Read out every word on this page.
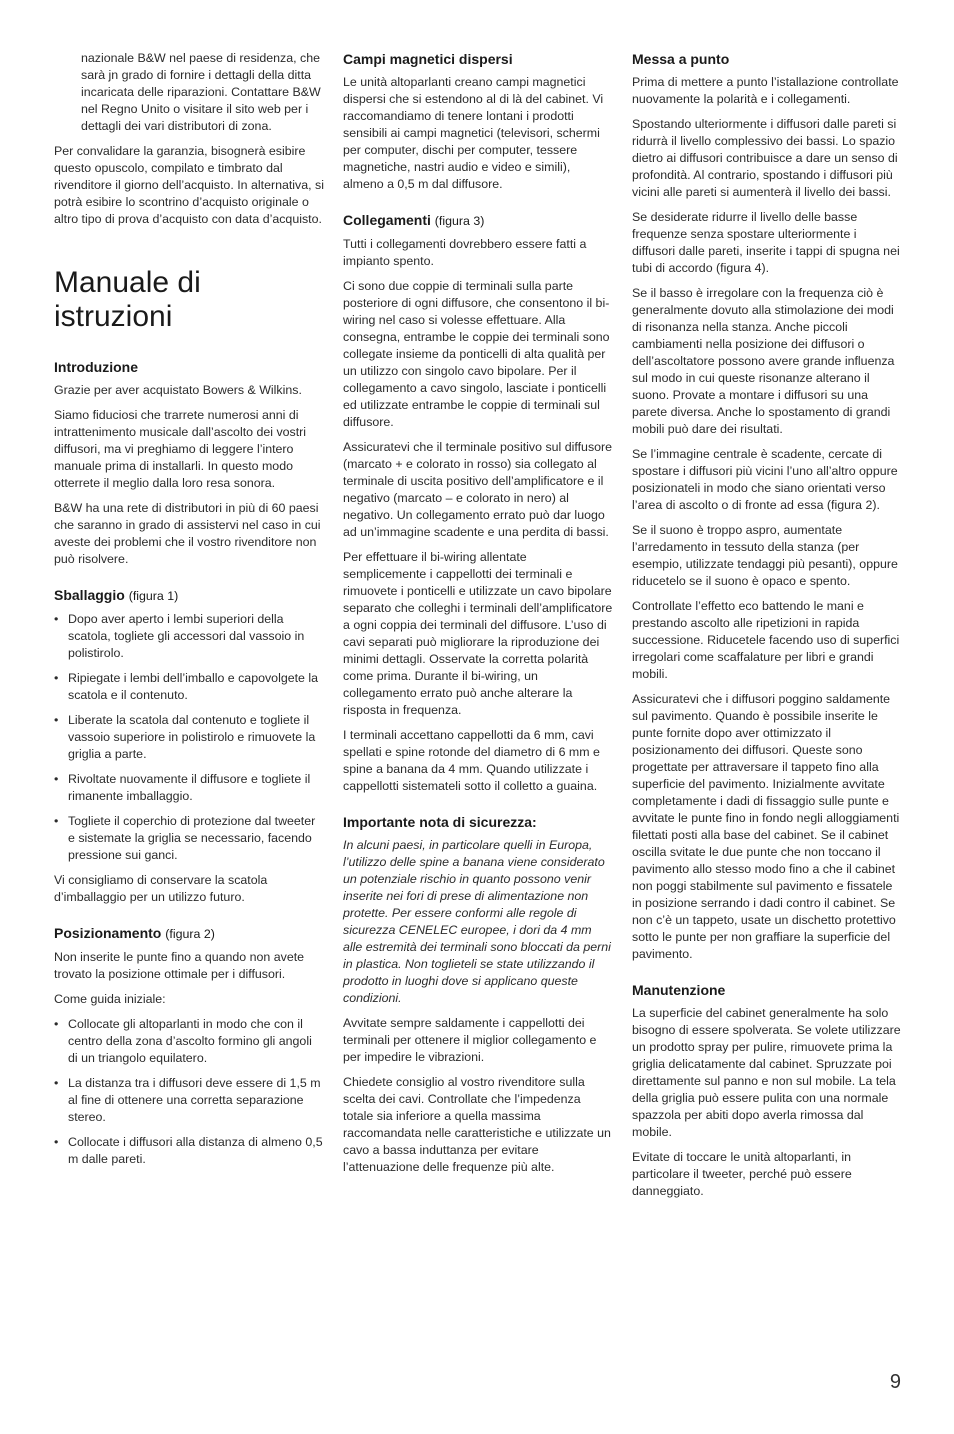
nazionale B&W nel paese di residenza, che sarà jn grado di fornire i dettagli della ditta incaricata delle riparazioni. Contattare B&W nel Regno Unito o visitare il sito web per i dettagli dei vari distributori di zona.

Per convalidare la garanzia, bisognerà esibire questo opuscolo, compilato e timbrato dal rivenditore il giorno dell’acquisto. In alternativa, si potrà esibire lo scontrino d’acquisto originale o altro tipo di prova d’acquisto con data d’acquisto.

Manuale di istruzioni
Introduzione

Grazie per aver acquistato Bowers & Wilkins.

Siamo fiduciosi che trarrete numerosi anni di intrattenimento musicale dall’ascolto dei vostri diffusori, ma vi preghiamo di leggere l’intero manuale prima di installarli. In questo modo otterrete il meglio dalla loro resa sonora.

B&W ha una rete di distributori in più di 60 paesi che saranno in grado di assistervi nel caso in cui aveste dei problemi che il vostro rivenditore non può risolvere.

Sballaggio (figura 1)
• Dopo aver aperto i lembi superiori della scatola, togliete gli accessori dal vassoio in polistirolo.
• Ripiegate i lembi dell’imballo e capovolgete la scatola e il contenuto.
• Liberate la scatola dal contenuto e togliete il vassoio superiore in polistirolo e rimuovete la griglia a parte.
• Rivoltate nuovamente il diffusore e togliete il rimanente imballaggio.
• Togliete il coperchio di protezione dal tweeter e sistemate la griglia se necessario, facendo pressione sui ganci.

Vi consigliamo di conservare la scatola d’imballaggio per un utilizzo futuro.

Posizionamento (figura 2)

Non inserite le punte fino a quando non avete trovato la posizione ottimale per i diffusori.

Come guida iniziale:

• Collocate gli altoparlanti in modo che con il centro della zona d’ascolto formino gli angoli di un triangolo equilatero.
• La distanza tra i diffusori deve essere di 1,5 m al fine di ottenere una corretta separazione stereo.
• Collocate i diffusori alla distanza di almeno 0,5 m dalle pareti.
Campi magnetici dispersi

Le unità altoparlanti creano campi magnetici dispersi che si estendono al di là del cabinet. Vi raccomandiamo di tenere lontani i prodotti sensibili ai campi magnetici (televisori, schermi per computer, dischi per computer, tessere magnetiche, nastri audio e video e simili), almeno a 0,5 m dal diffusore.

Collegamenti (figura 3)

Tutti i collegamenti dovrebbero essere fatti a impianto spento.

Ci sono due coppie di terminali sulla parte posteriore di ogni diffusore, che consentono il bi-wiring nel caso si volesse effettuare. Alla consegna, entrambe le coppie dei terminali sono collegate insieme da ponticelli di alta qualità per un utilizzo con singolo cavo bipolare. Per il collegamento a cavo singolo, lasciate i ponticelli ed utilizzate entrambe le coppie di terminali sul diffusore.

Assicuratevi che il terminale positivo sul diffusore (marcato + e colorato in rosso) sia collegato al terminale di uscita positivo dell’amplificatore e il negativo (marcato – e colorato in nero) al negativo. Un collegamento errato può dar luogo ad un’immagine scadente e una perdita di bassi.

Per effettuare il bi-wiring allentate semplicemente i cappellotti dei terminali e rimuovete i ponticelli e utilizzate un cavo bipolare separato che colleghi i terminali dell’amplificatore a ogni coppia dei terminali del diffusore. L’uso di cavi separati può migliorare la riproduzione dei minimi dettagli. Osservate la corretta polarità come prima. Durante il bi-wiring, un collegamento errato può anche alterare la risposta in frequenza.

I terminali accettano cappellotti da 6 mm, cavi spellati e spine rotonde del diametro di 6 mm e spine a banana da 4 mm. Quando utilizzate i cappellotti sistemateli sotto il colletto a guaina.

Importante nota di sicurezza:

In alcuni paesi, in particolare quelli in Europa, l’utilizzo delle spine a banana viene considerato un potenziale rischio in quanto possono venir inserite nei fori di prese di alimentazione non protette. Per essere conformi alle regole di sicurezza CENELEC europee, i dori da 4 mm alle estremità dei terminali sono bloccati da perni in plastica. Non toglieteli se state utilizzando il prodotto in luoghi dove si applicano queste condizioni.

Avvitate sempre saldamente i cappellotti dei terminali per ottenere il miglior collegamento e per impedire le vibrazioni.

Chiedete consiglio al vostro rivenditore sulla scelta dei cavi. Controllate che l’impedenza totale sia inferiore a quella massima raccomandata nelle caratteristiche e utilizzate un cavo a bassa induttanza per evitare l’attenuazione delle frequenze più alte.

Messa a punto

Prima di mettere a punto l’istallazione controllate nuovamente la polarità e i collegamenti.

Spostando ulteriormente i diffusori dalle pareti si ridurrà il livello complessivo dei bassi. Lo spazio dietro ai diffusori contribuisce a dare un senso di profondità. Al contrario, spostando i diffusori più vicini alle pareti si aumenterà il livello dei bassi.

Se desiderate ridurre il livello delle basse frequenze senza spostare ulteriormente i diffusori dalle pareti, inserite i tappi di spugna nei tubi di accordo (figura 4).

Se il basso è irregolare con la frequenza ciò è generalmente dovuto alla stimolazione dei modi di risonanza nella stanza. Anche piccoli cambiamenti nella posizione dei diffusori o dell’ascoltatore possono avere grande influenza sul modo in cui queste risonanze alterano il suono. Provate a montare i diffusori su una parete diversa. Anche lo spostamento di grandi mobili può dare dei risultati.

Se l’immagine centrale è scadente, cercate di spostare i diffusori più vicini l’uno all’altro oppure posizionateli in modo che siano orientati verso l’area di ascolto o di fronte ad essa (figura 2).

Se il suono è troppo aspro, aumentate l’arredamento in tessuto della stanza (per esempio, utilizzate tendaggi più pesanti), oppure riducetelo se il suono è opaco e spento.

Controllate l’effetto eco battendo le mani e prestando ascolto alle ripetizioni in rapida successione. Riducetele facendo uso di superfici irregolari come scaffalature per libri e grandi mobili.

Assicuratevi che i diffusori poggino saldamente sul pavimento. Quando è possibile inserite le punte fornite dopo aver ottimizzato il posizionamento dei diffusori. Queste sono progettate per attraversare il tappeto fino alla superficie del pavimento. Inizialmente avvitate completamente i dadi di fissaggio sulle punte e avvitate le punte fino in fondo negli alloggiamenti filettati posti alla base del cabinet. Se il cabinet oscilla svitate le due punte che non toccano il pavimento allo stesso modo fino a che il cabinet non poggi stabilmente sul pavimento e fissatele in posizione serrando i dadi contro il cabinet. Se non c’è un tappeto, usate un dischetto protettivo sotto le punte per non graffiare la superficie del pavimento.

Manutenzione

La superficie del cabinet generalmente ha solo bisogno di essere spolverata. Se volete utilizzare un prodotto spray per pulire, rimuovete prima la griglia delicatamente dal cabinet. Spruzzate poi direttamente sul panno e non sul mobile. La tela della griglia può essere pulita con una normale spazzola per abiti dopo averla rimossa dal mobile.

Evitate di toccare le unità altoparlanti, in particolare il tweeter, perché può essere danneggiato.

9
